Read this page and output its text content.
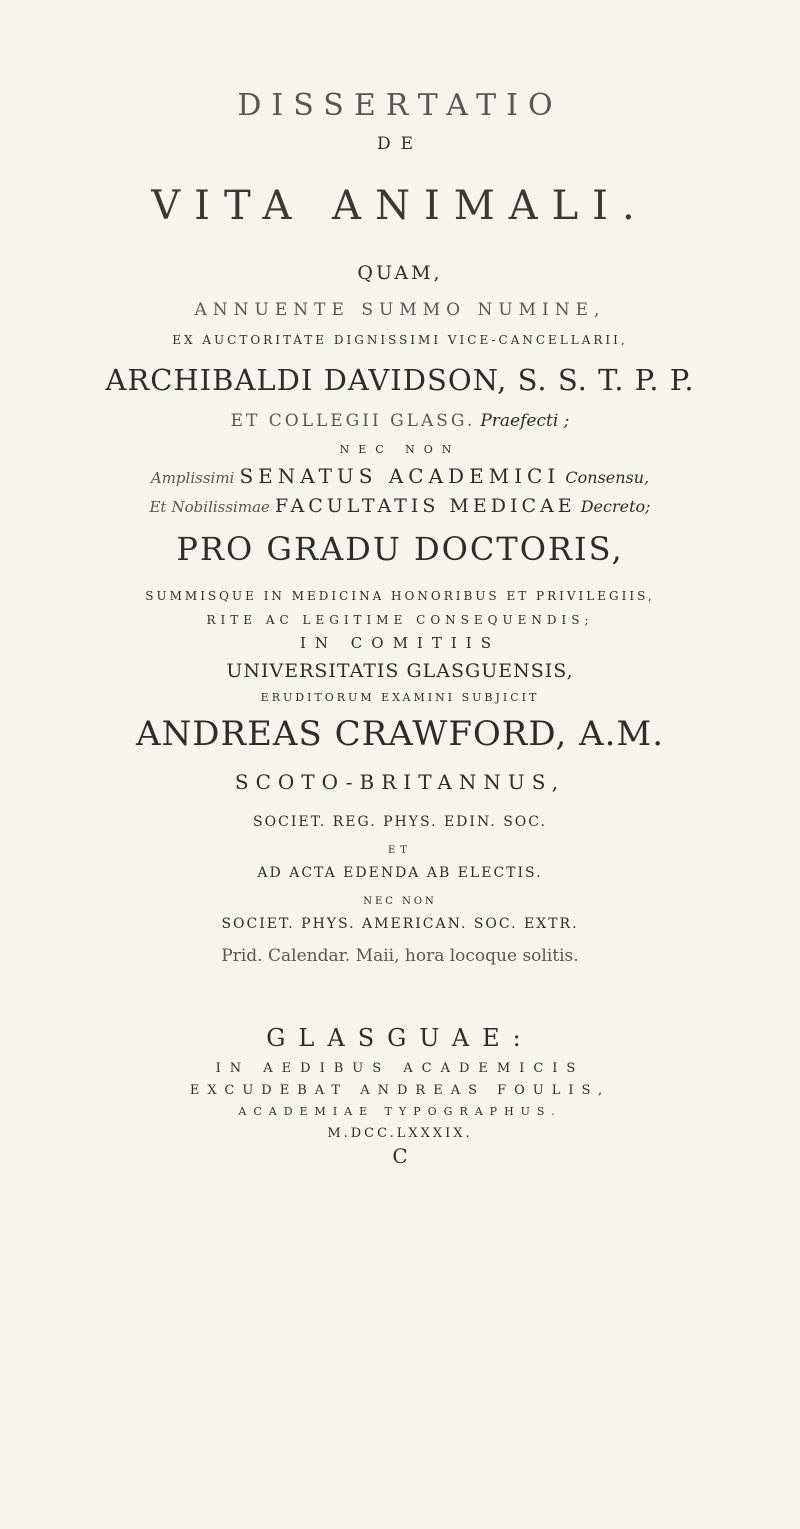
DISSERTATIO
DE
VITA ANIMALI.
QUAM,
ANNUENTE SUMMO NUMINE,
EX AUCTORITATE DIGNISSIMI VICE-CANCELLARII,
ARCHIBALDI DAVIDSON, S. S. T. P. P.
ET COLLEGII GLASG. Praefecti ;
NEC NON
Amplissimi SENATUS ACADEMICI Consensu,
Et Nobilissimae FACULTATIS MEDICAE Decreto;
PRO GRADU DOCTORIS,
SUMMISQUE IN MEDICINA HONORIBUS ET PRIVILEGIIS,
RITE AC LEGITIME CONSEQUENDIS;
IN COMITIIS
UNIVERSITATIS GLASGUENSIS,
ERUDITORUM EXAMINI SUBJICIT
ANDREAS CRAWFORD, A.M.
SCOTO-BRITANNUS,
SOCIET. REG. PHYS. EDIN. SOC.
ET
AD ACTA EDENDA AB ELECTIS.
NEC NON
SOCIET. PHYS. AMERICAN. SOC. EXTR.
Prid. Calendar. Maii, hora locoque solitis.
GLASGUAE:
IN AEDIBUS ACADEMICIS
EXCUDEBAT ANDREAS FOULIS,
ACADEMIAE TYPOGRAPHUS.
M.DCC.LXXXIX.
C
